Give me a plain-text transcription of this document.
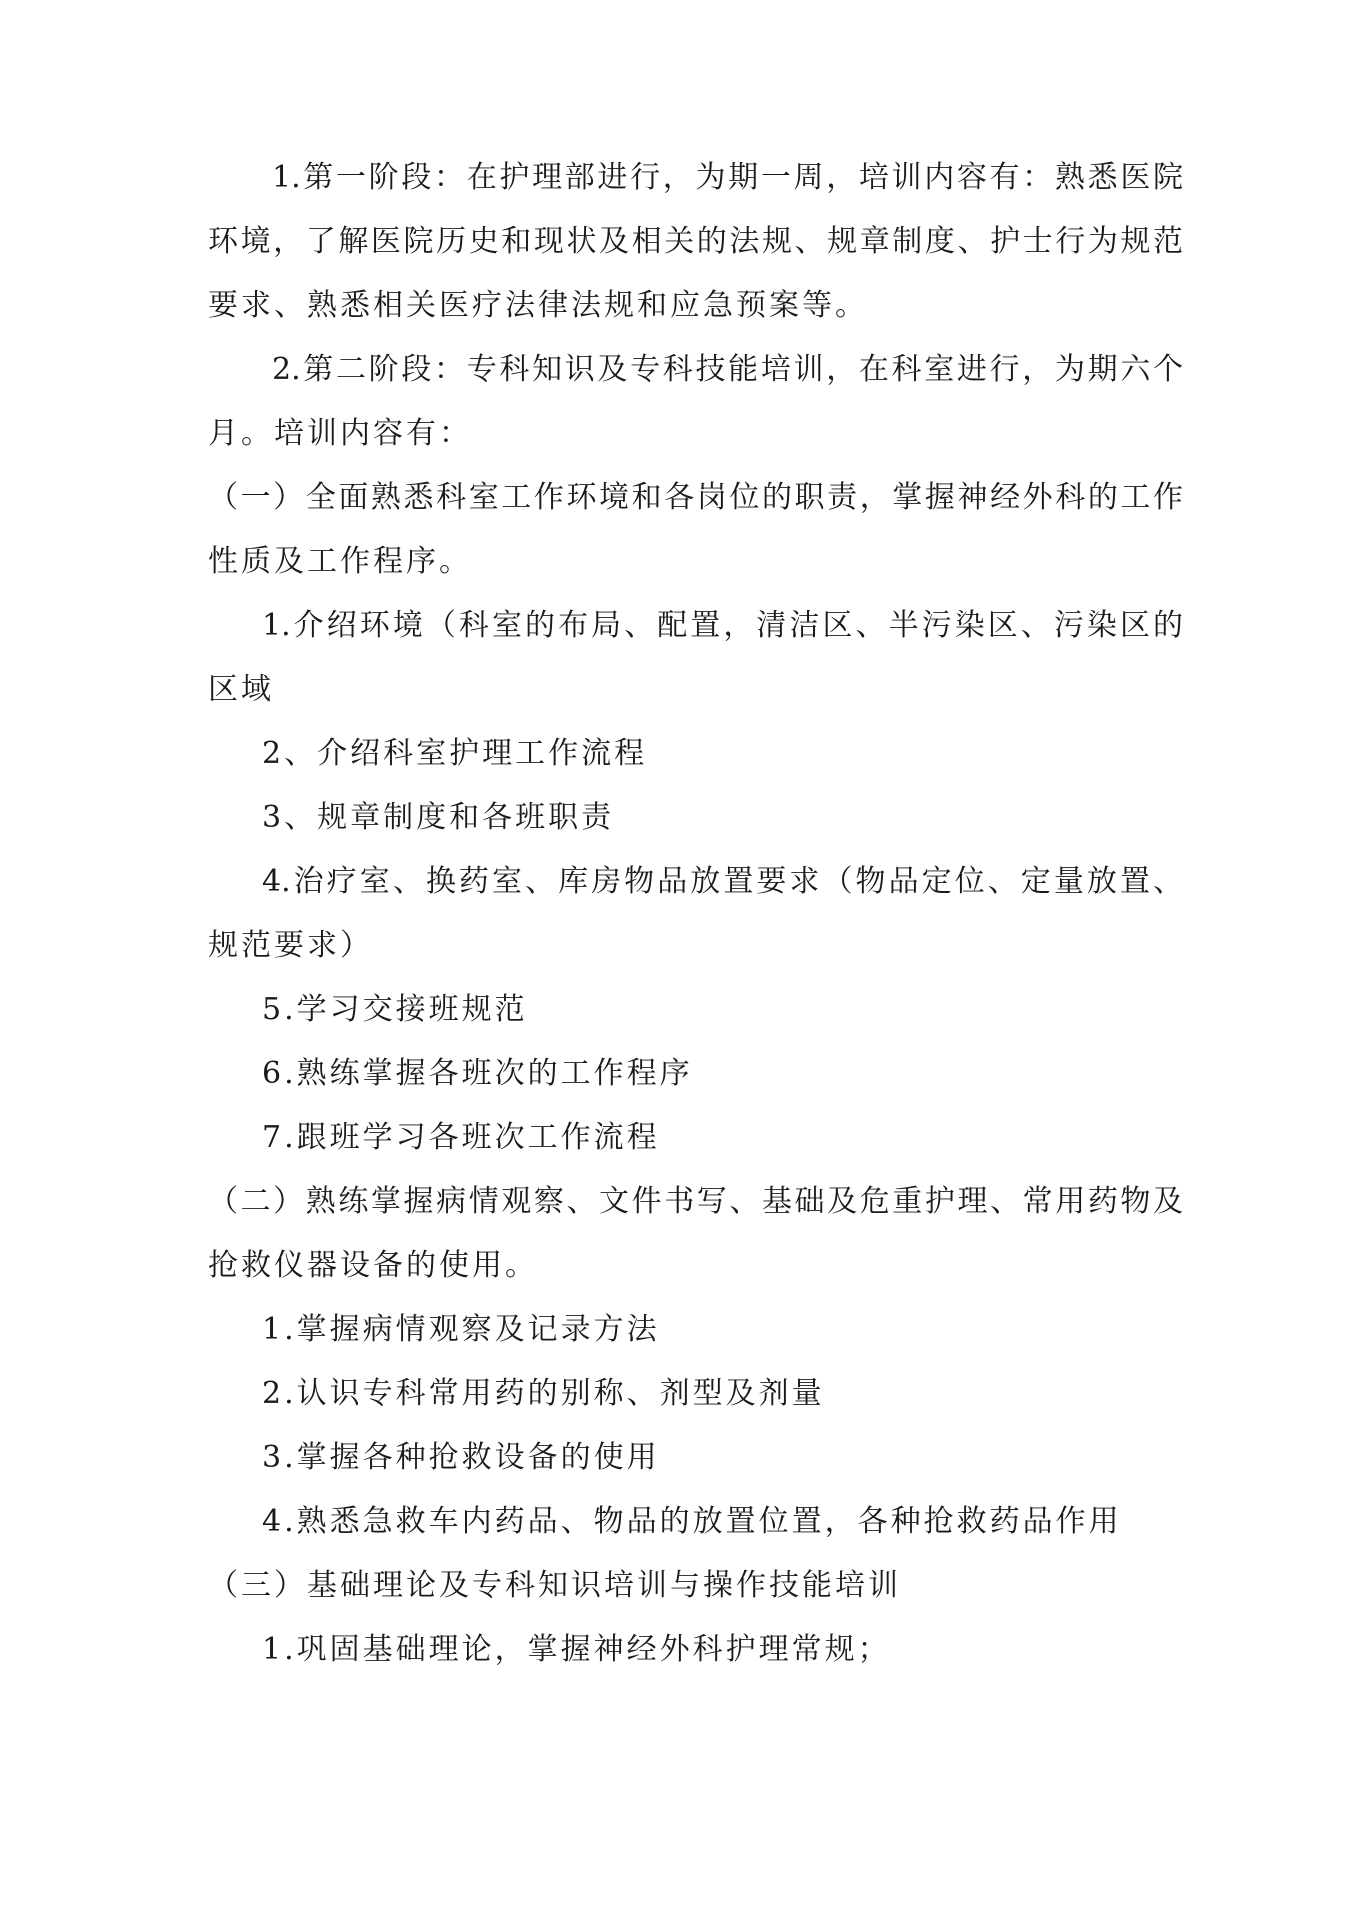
1.第一阶段：在护理部进行，为期一周，培训内容有：熟悉医院
环境，了解医院历史和现状及相关的法规、规章制度、护士行为规范
要求、熟悉相关医疗法律法规和应急预案等。
2.第二阶段：专科知识及专科技能培训，在科室进行，为期六个
月。培训内容有：
（一）全面熟悉科室工作环境和各岗位的职责，掌握神经外科的工作
性质及工作程序。
1.介绍环境（科室的布局、配置，清洁区、半污染区、污染区的
区域
2、介绍科室护理工作流程
3、规章制度和各班职责
4.治疗室、换药室、库房物品放置要求（物品定位、定量放置、
规范要求）
5.学习交接班规范
6.熟练掌握各班次的工作程序
7.跟班学习各班次工作流程
（二）熟练掌握病情观察、文件书写、基础及危重护理、常用药物及
抢救仪器设备的使用。
1.掌握病情观察及记录方法
2.认识专科常用药的别称、剂型及剂量
3.掌握各种抢救设备的使用
4.熟悉急救车内药品、物品的放置位置，各种抢救药品作用
（三）基础理论及专科知识培训与操作技能培训
1.巩固基础理论，掌握神经外科护理常规；
